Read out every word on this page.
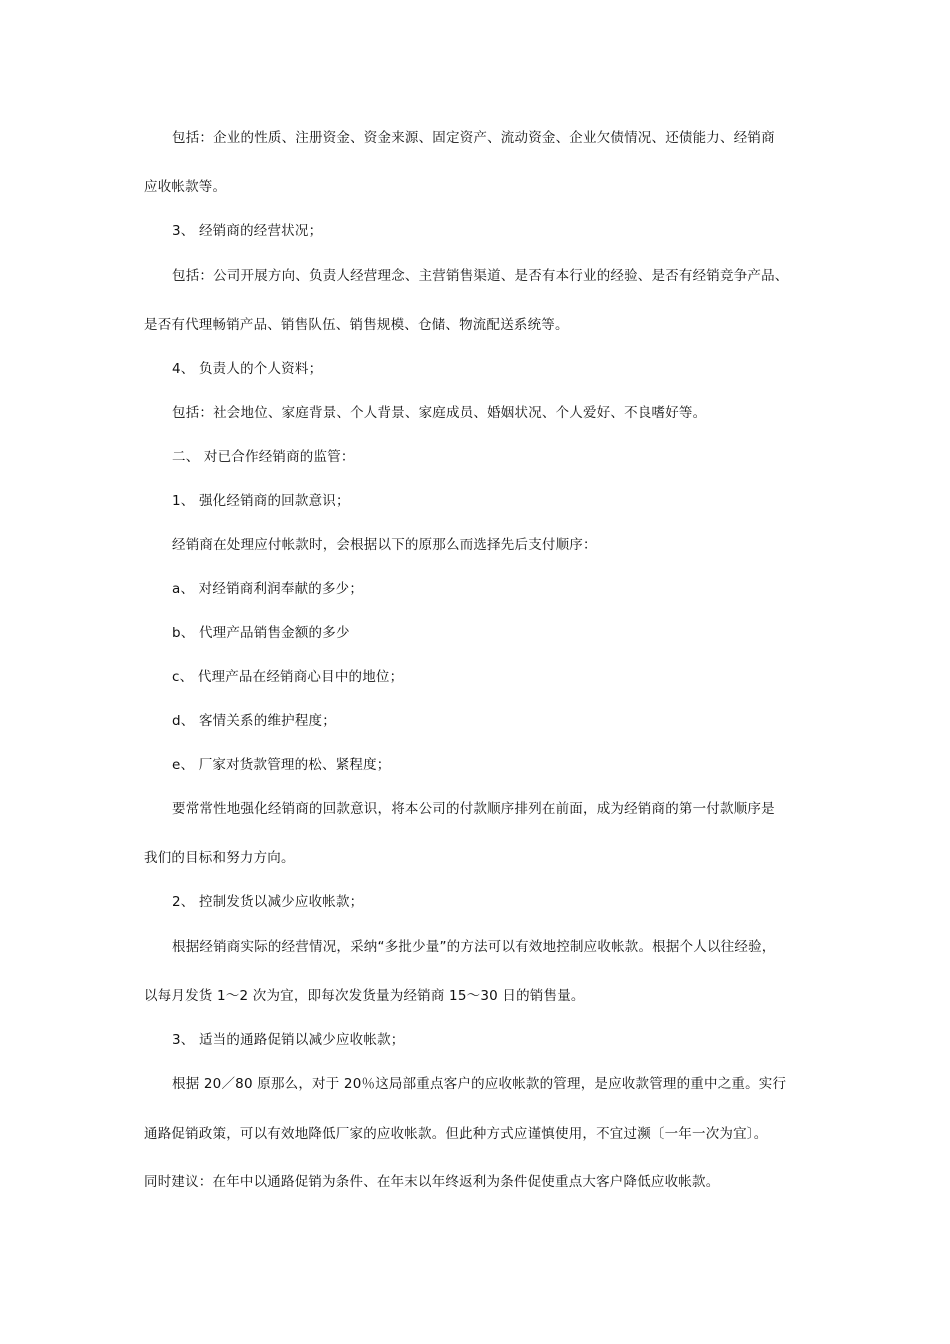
包括：企业的性质、注册资金、资金来源、固定资产、流动资金、企业欠债情况、还债能力、经销商
应收帐款等。
3、 经销商的经营状况；
包括：公司开展方向、负责人经营理念、主营销售渠道、是否有本行业的经验、是否有经销竞争产品、
是否有代理畅销产品、销售队伍、销售规模、仓储、物流配送系统等。
4、 负责人的个人资料；
包括：社会地位、家庭背景、个人背景、家庭成员、婚姻状况、个人爱好、不良嗜好等。
二、 对已合作经销商的监管：
1、 强化经销商的回款意识；
经销商在处理应付帐款时，会根据以下的原那么而选择先后支付顺序：
a、 对经销商利润奉献的多少；
b、 代理产品销售金额的多少
c、 代理产品在经销商心目中的地位；
d、 客情关系的维护程度；
e、 厂家对货款管理的松、紧程度；
要常常性地强化经销商的回款意识，将本公司的付款顺序排列在前面，成为经销商的第一付款顺序是
我们的目标和努力方向。
2、 控制发货以减少应收帐款；
根据经销商实际的经营情况，采纳“多批少量”的方法可以有效地控制应收帐款。根据个人以往经验，
以每月发货 1～2 次为宜，即每次发货量为经销商 15～30 日的销售量。
3、 适当的通路促销以减少应收帐款；
根据 20／80 原那么，对于 20％这局部重点客户的应收帐款的管理，是应收款管理的重中之重。实行
通路促销政策，可以有效地降低厂家的应收帐款。但此种方式应谨慎使用，不宜过濒〔一年一次为宜〕。
同时建议：在年中以通路促销为条件、在年末以年终返利为条件促使重点大客户降低应收帐款。
